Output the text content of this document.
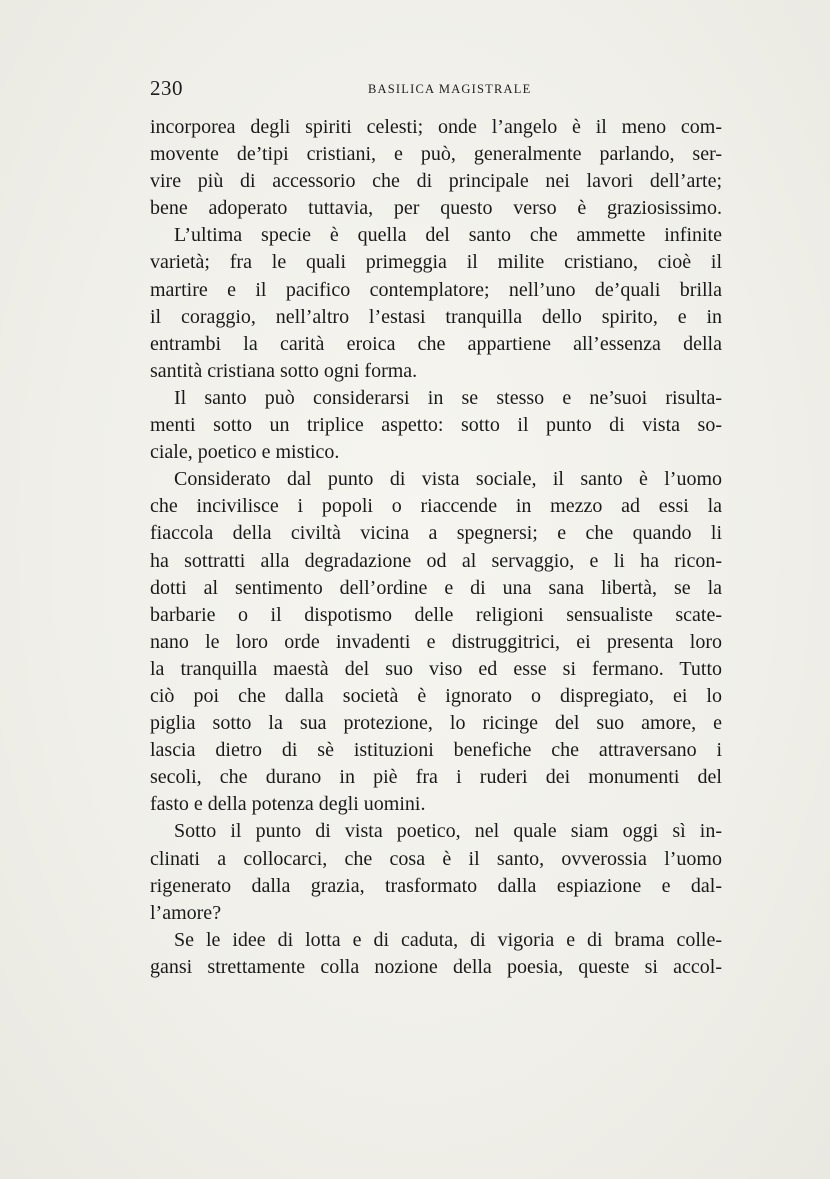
230	BASILICA MAGISTRALE
incorporea degli spiriti celesti; onde l’angelo è il meno com-
movente de’tipi cristiani, e può, generalmente parlando, ser-
vire più di accessorio che di principale nei lavori dell’arte;
bene adoperato tuttavia, per questo verso è graziosissimo.
L’ultima specie è quella del santo che ammette infinite
varietà; fra le quali primeggia il milite cristiano, cioè il
martire e il pacifico contemplatore; nell’uno de’quali brilla
il coraggio, nell’altro l’estasi tranquilla dello spirito, e in
entrambi la carità eroica che appartiene all’essenza della
santità cristiana sotto ogni forma.
Il santo può considerarsi in se stesso e ne’suoi risulta-
menti sotto un triplice aspetto: sotto il punto di vista so-
ciale, poetico e mistico.
Considerato dal punto di vista sociale, il santo è l’uomo
che incivilisce i popoli o riaccende in mezzo ad essi la
fiaccola della civiltà vicina a spegnersi; e che quando li
ha sottratti alla degradazione od al servaggio, e li ha ricon-
dotti al sentimento dell’ordine e di una sana libertà, se la
barbarie o il dispotismo delle religioni sensualiste scate-
nano le loro orde invadenti e distruggitrici, ei presenta loro
la tranquilla maestà del suo viso ed esse si fermano. Tutto
ciò poi che dalla società è ignorato o dispregiato, ei lo
piglia sotto la sua protezione, lo ricinge del suo amore, e
lascia dietro di sè istituzioni benefiche che attraversano i
secoli, che durano in piè fra i ruderi dei monumenti del
fasto e della potenza degli uomini.
Sotto il punto di vista poetico, nel quale siam oggi sì in-
clinati a collocarci, che cosa è il santo, ovverossia l’uomo
rigenerato dalla grazia, trasformato dalla espiazione e dal-
l’amore?
Se le idee di lotta e di caduta, di vigoria e di brama colle-
gansi strettamente colla nozione della poesia, queste si accol-
